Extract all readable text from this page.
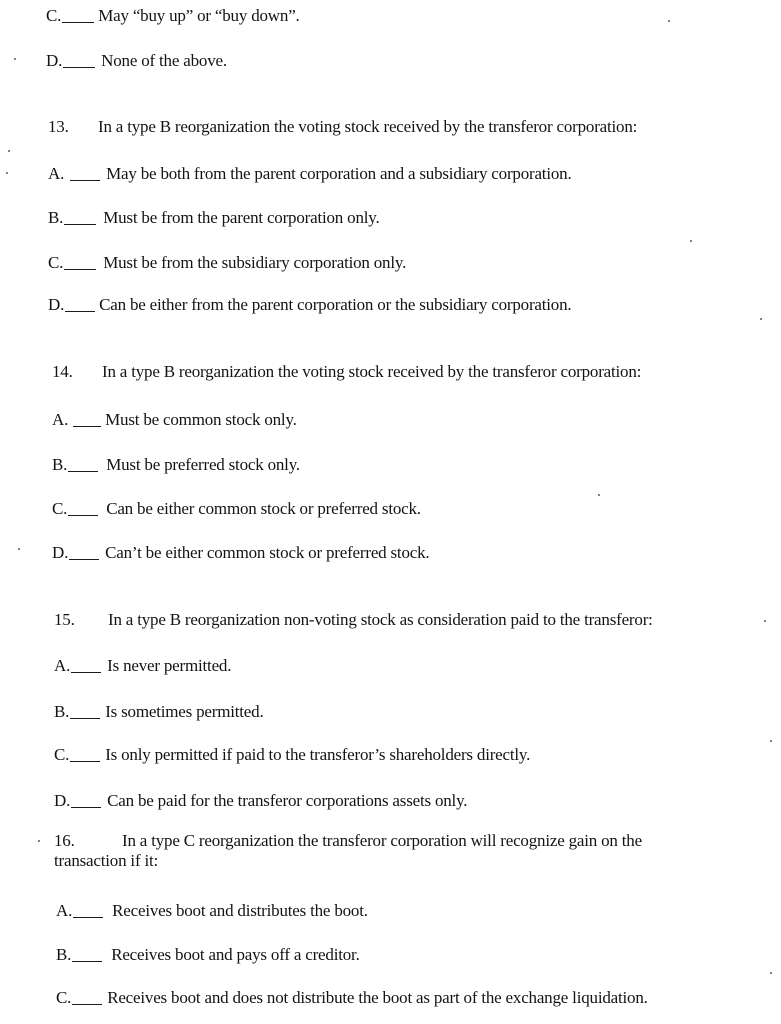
C. May “buy up” or “buy down”.
D. None of the above.
13. In a type B reorganization the voting stock received by the transferor corporation:
A. May be both from the parent corporation and a subsidiary corporation.
B. Must be from the parent corporation only.
C. Must be from the subsidiary corporation only.
D. Can be either from the parent corporation or the subsidiary corporation.
14. In a type B reorganization the voting stock received by the transferor corporation:
A. Must be common stock only.
B. Must be preferred stock only.
C. Can be either common stock or preferred stock.
D. Can’t be either common stock or preferred stock.
15. In a type B reorganization non-voting stock as consideration paid to the transferor:
A. Is never permitted.
B. Is sometimes permitted.
C. Is only permitted if paid to the transferor’s shareholders directly.
D. Can be paid for the transferor corporations assets only.
16.	In a type C reorganization the transferor corporation will recognize gain on the
transaction if it:
A. Receives boot and distributes the boot.
B. Receives boot and pays off a creditor.
C. Receives boot and does not distribute the boot as part of the exchange liquidation.
